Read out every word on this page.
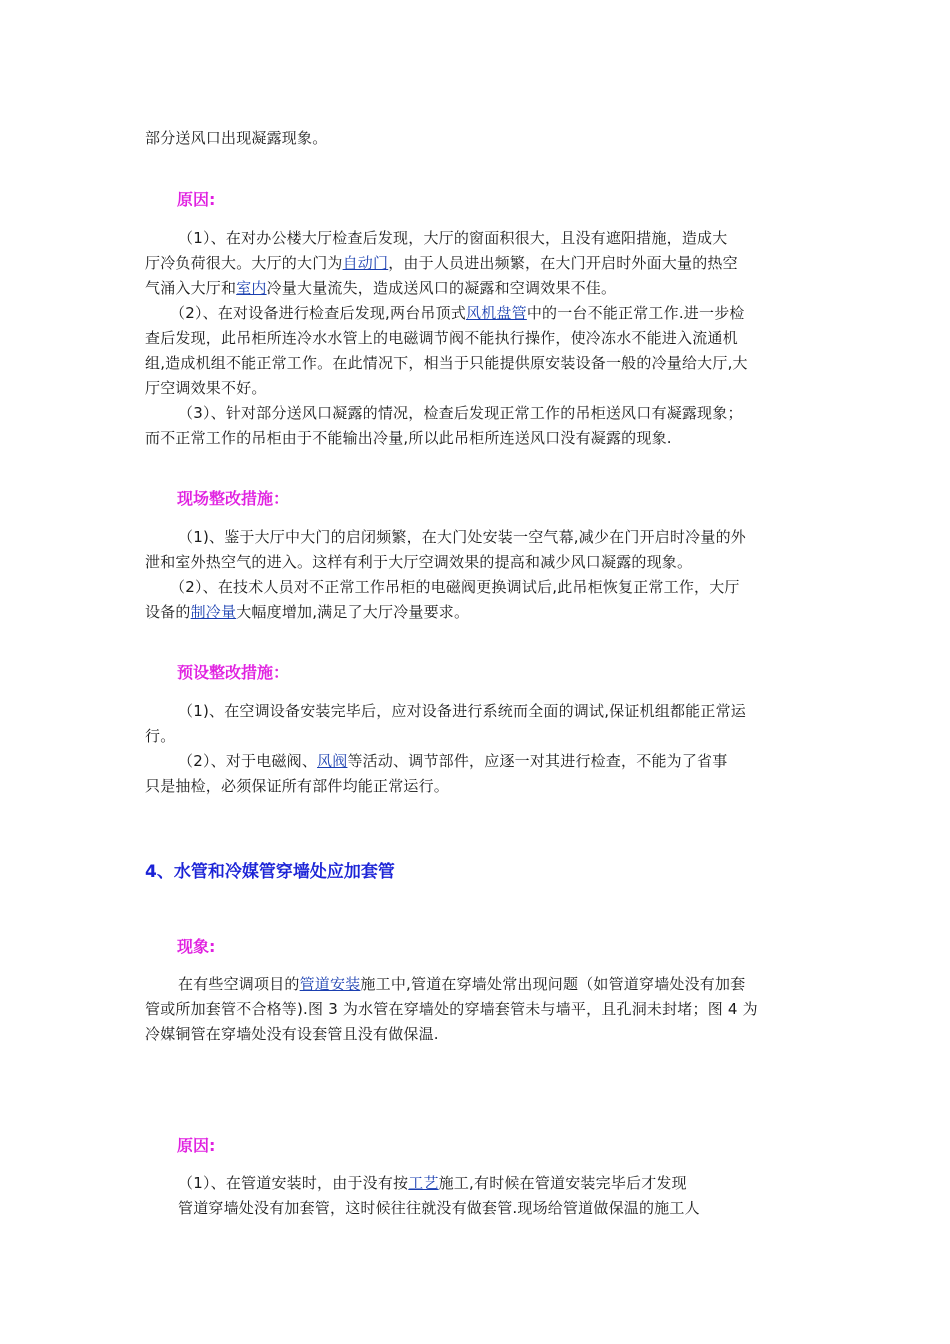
部分送风口出现凝露现象。
原因:
（1）、在对办公楼大厅检查后发现，大厅的窗面积很大，且没有遮阳措施，造成大
厅冷负荷很大。大厅的大门为自动门，由于人员进出频繁，在大门开启时外面大量的热空
气涌入大厅和室内冷量大量流失，造成送风口的凝露和空调效果不佳。
（2）、在对设备进行检查后发现,两台吊顶式风机盘管中的一台不能正常工作.进一步检
查后发现，此吊柜所连冷水水管上的电磁调节阀不能执行操作，使冷冻水不能进入流通机
组,造成机组不能正常工作。在此情况下，相当于只能提供原安装设备一般的冷量给大厅,大
厅空调效果不好。
（3）、针对部分送风口凝露的情况，检查后发现正常工作的吊柜送风口有凝露现象；
而不正常工作的吊柜由于不能输出冷量,所以此吊柜所连送风口没有凝露的现象.
现场整改措施：
（1)、鉴于大厅中大门的启闭频繁，在大门处安装一空气幕,减少在门开启时冷量的外
泄和室外热空气的进入。这样有利于大厅空调效果的提高和减少风口凝露的现象。
（2）、在技术人员对不正常工作吊柜的电磁阀更换调试后,此吊柜恢复正常工作，大厅
设备的制冷量大幅度增加,满足了大厅冷量要求。
预设整改措施：
（1)、在空调设备安装完毕后，应对设备进行系统而全面的调试,保证机组都能正常运
行。
（2）、对于电磁阀、风阀等活动、调节部件，应逐一对其进行检查，不能为了省事
只是抽检，必须保证所有部件均能正常运行。
4、水管和冷媒管穿墙处应加套管
现象:
在有些空调项目的管道安装施工中,管道在穿墙处常出现问题（如管道穿墙处没有加套
管或所加套管不合格等).图 3 为水管在穿墙处的穿墙套管未与墙平，且孔洞未封堵；图 4 为
冷媒铜管在穿墙处没有设套管且没有做保温.
原因:
（1）、在管道安装时，由于没有按工艺施工,有时候在管道安装完毕后才发现
管道穿墙处没有加套管，这时候往往就没有做套管.现场给管道做保温的施工人
